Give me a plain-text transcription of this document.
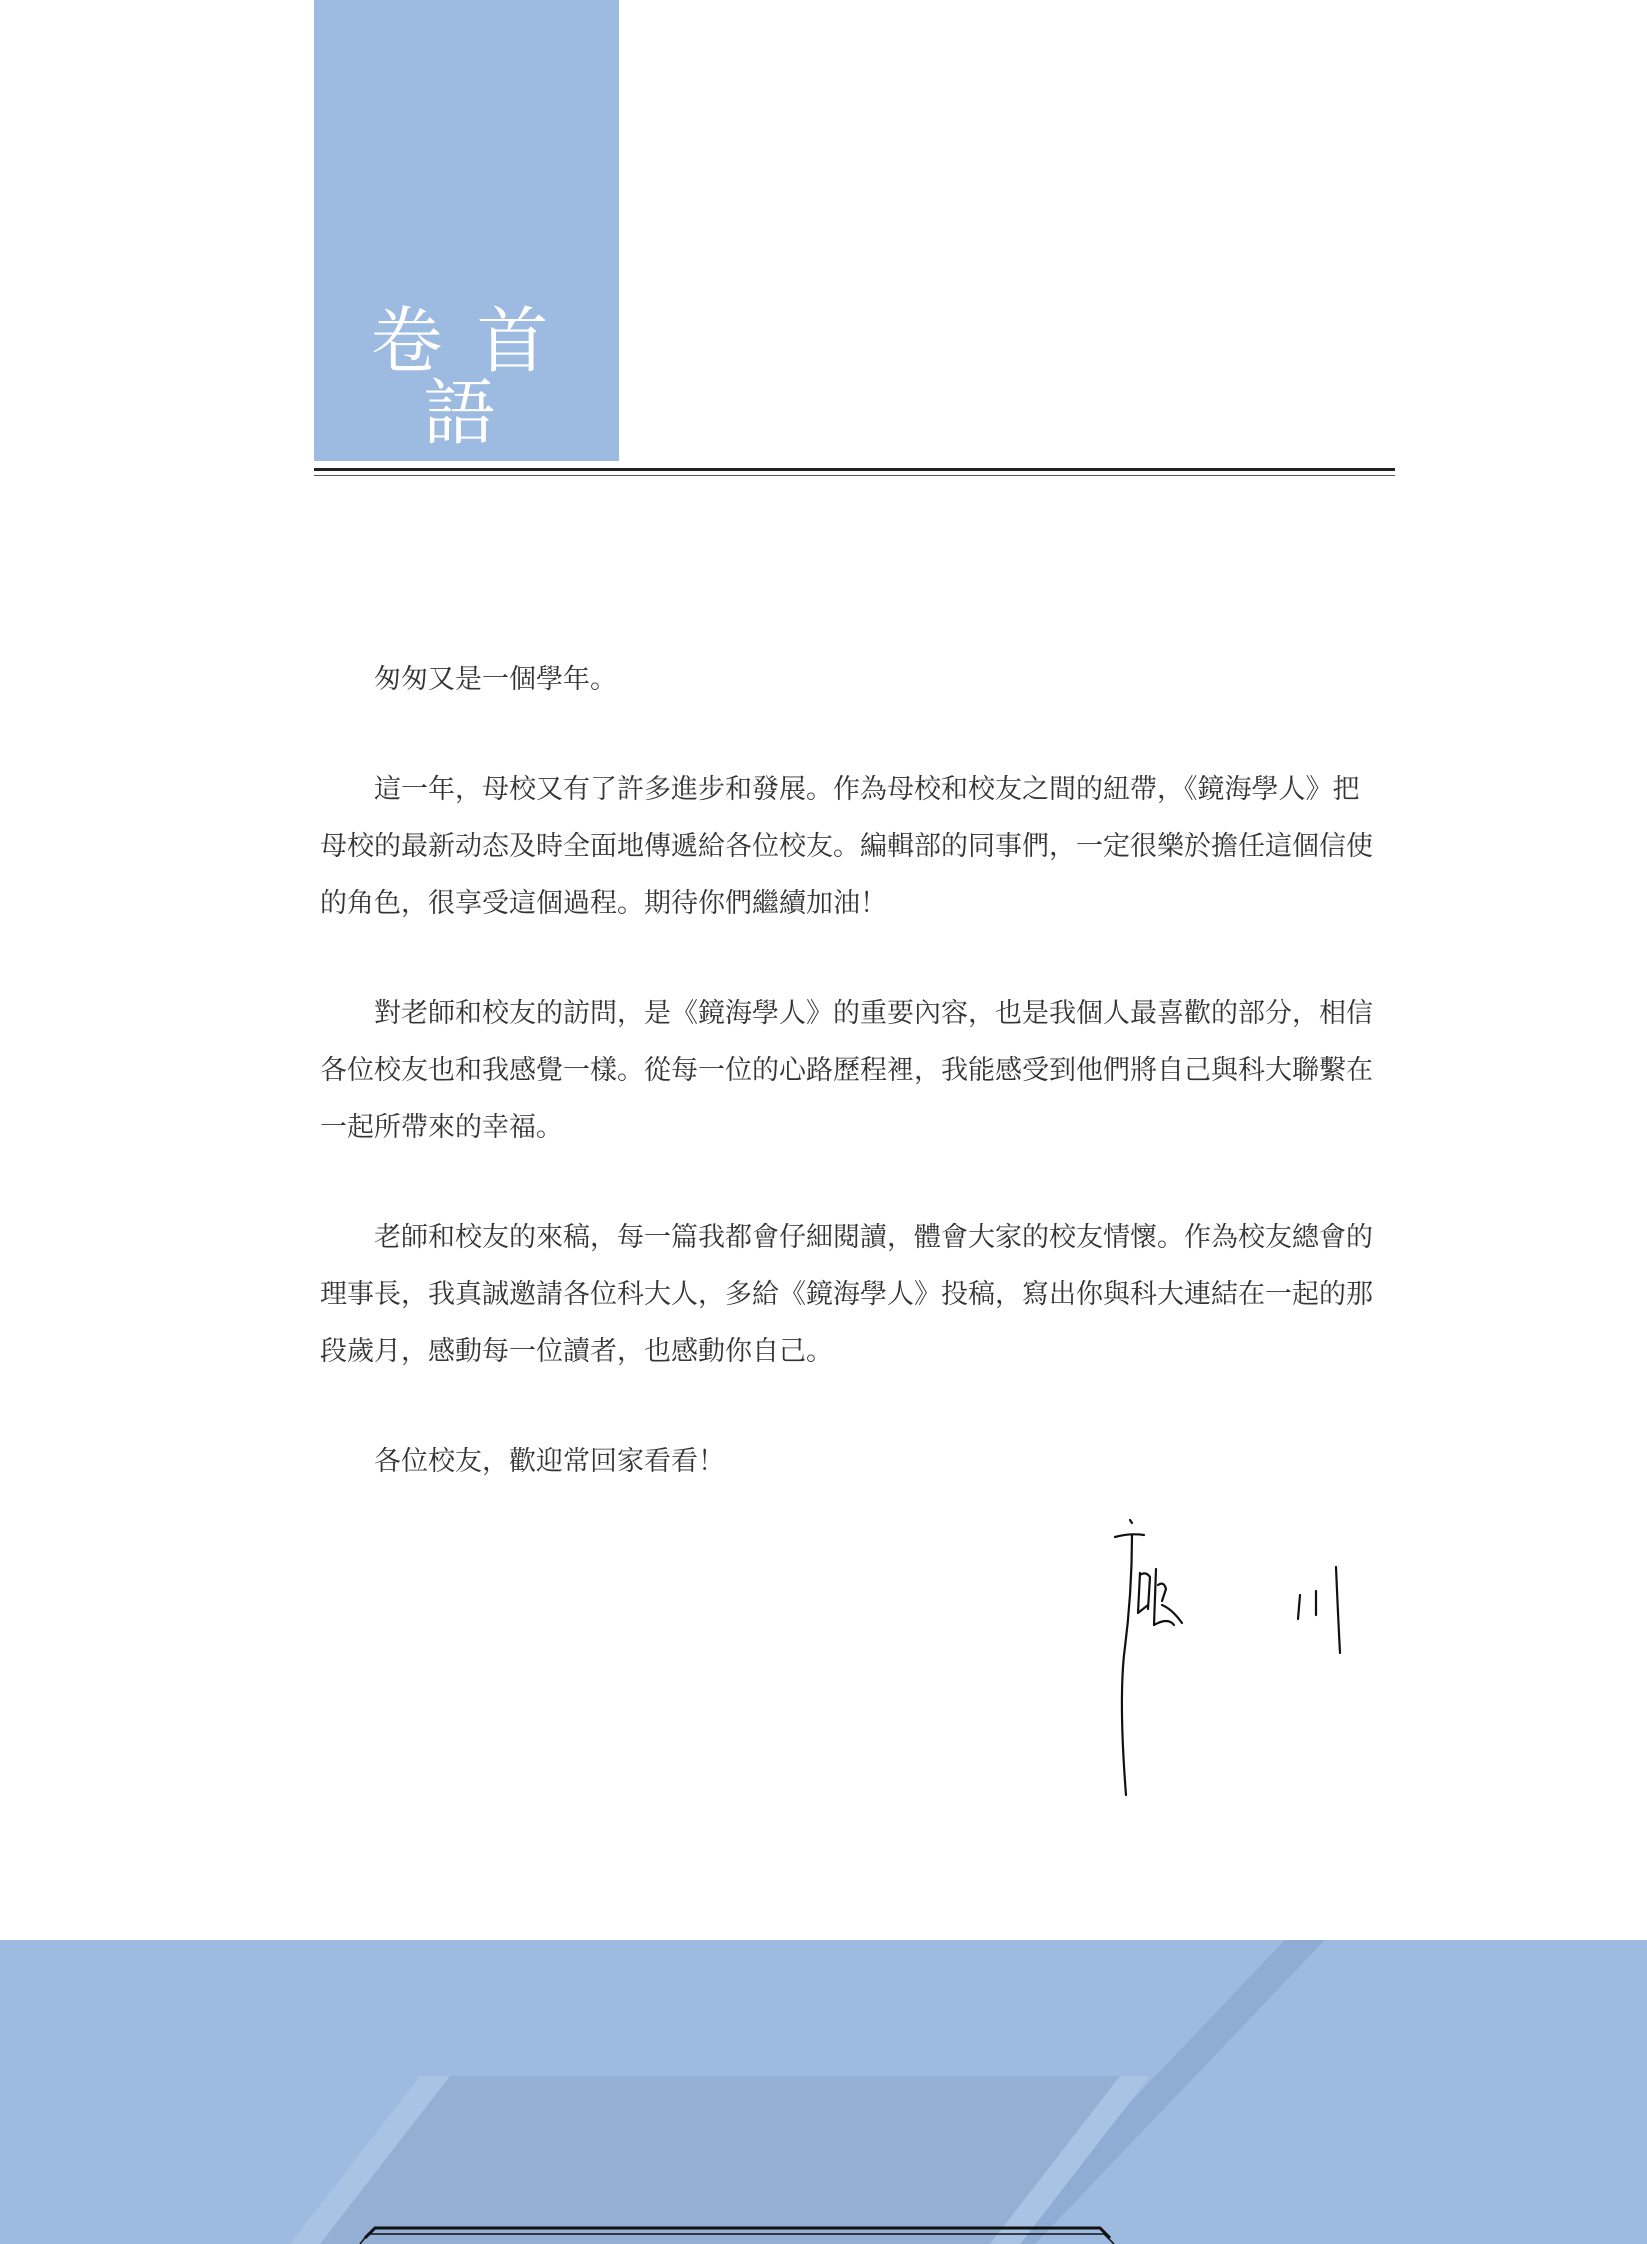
卷首語

匆匆又是一個學年。

這一年，母校又有了許多進步和發展。作為母校和校友之間的紐帶，《鏡海學人》把母校的最新动态及時全面地傳遞給各位校友。編輯部的同事們，一定很樂於擔任這個信使的角色，很享受這個過程。期待你們繼續加油！

對老師和校友的訪問，是《鏡海學人》的重要內容，也是我個人最喜歡的部分，相信各位校友也和我感覺一樣。從每一位的心路歷程裡，我能感受到他們將自己與科大聯繫在一起所帶來的幸福。

老師和校友的來稿，每一篇我都會仔細閱讀，體會大家的校友情懷。作為校友總會的理事長，我真誠邀請各位科大人，多給《鏡海學人》投稿，寫出你與科大連結在一起的那段歲月，感動每一位讀者，也感動你自己。

各位校友，歡迎常回家看看！
